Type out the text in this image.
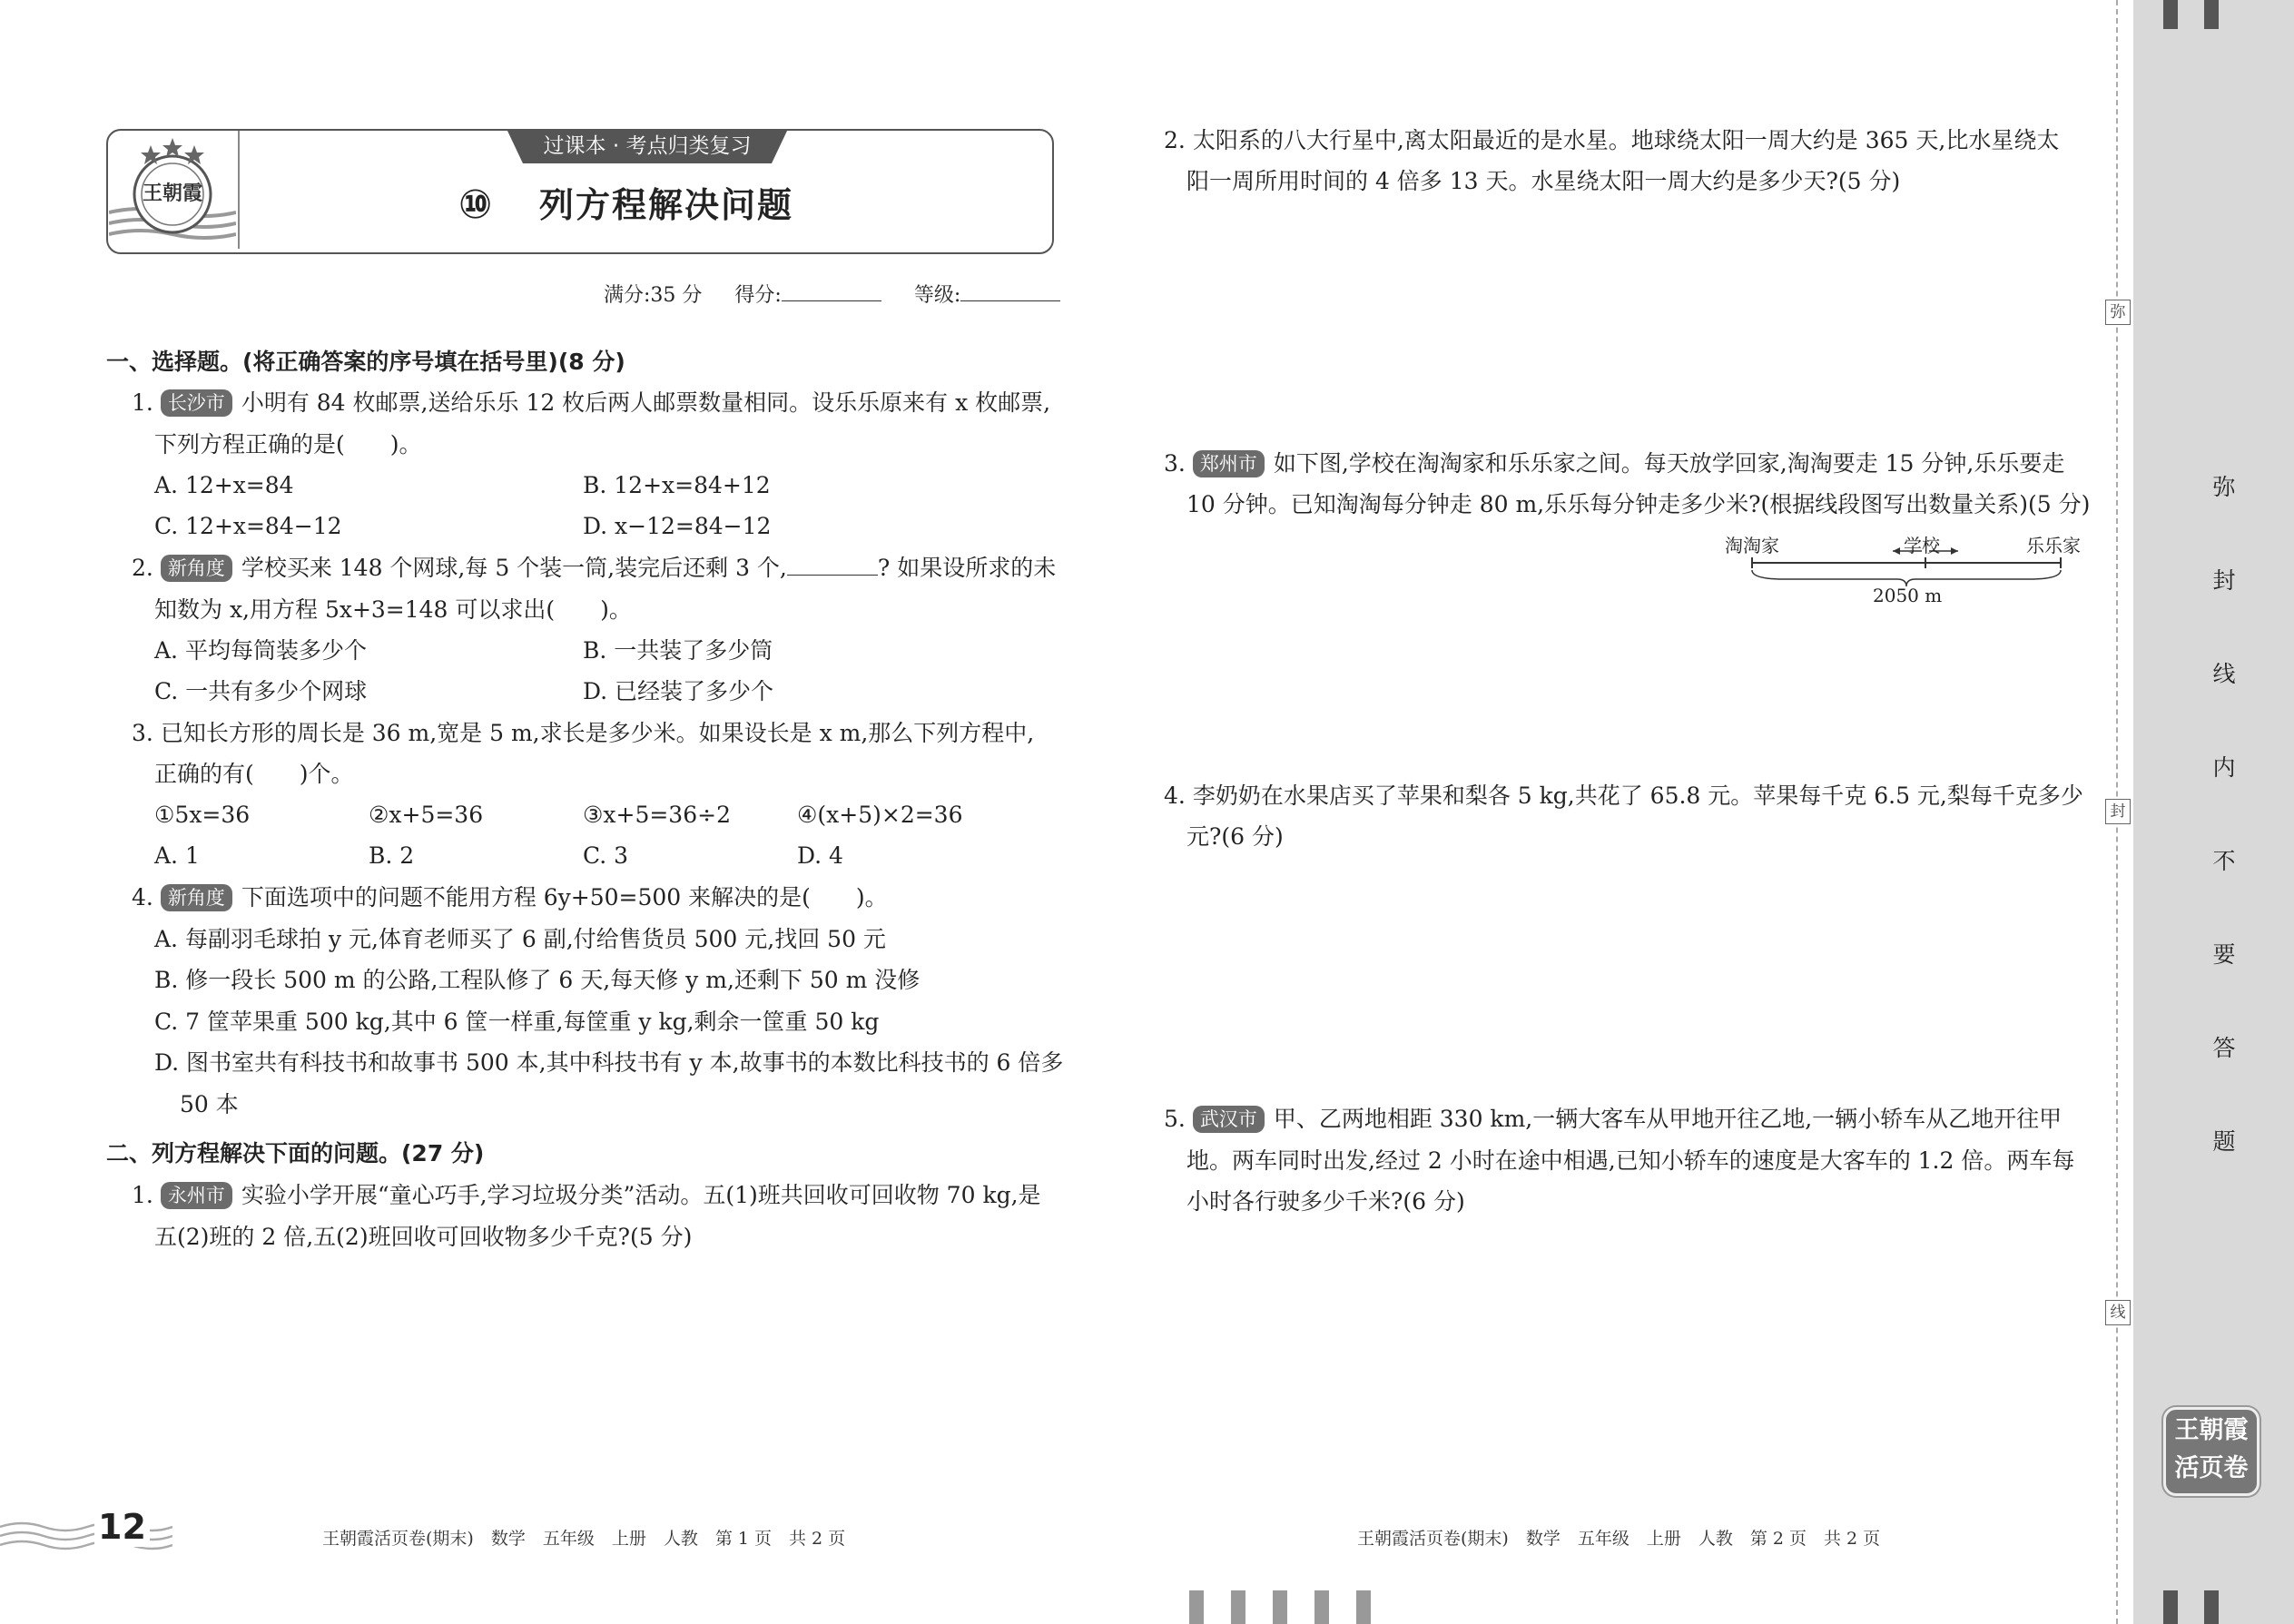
王朝霞
过课本 · 考点归类复习
⑩ 列方程解决问题
满分:35 分 得分:	等级:
一、选择题。(将正确答案的序号填在括号里)(8 分)
1. 长沙市 小明有 84 枚邮票,送给乐乐 12 枚后两人邮票数量相同。设乐乐原来有 x 枚邮票,
下列方程正确的是(　　)。
A. 12+x=84	B. 12+x=84+12
C. 12+x=84−12	D. x−12=84−12
2. 新角度 学校买来 148 个网球,每 5 个装一筒,装完后还剩 3 个,	? 如果设所求的未
知数为 x,用方程 5x+3=148 可以求出(　　)。
A. 平均每筒装多少个	B. 一共装了多少筒
C. 一共有多少个网球	D. 已经装了多少个
3. 已知长方形的周长是 36 m,宽是 5 m,求长是多少米。如果设长是 x m,那么下列方程中,
正确的有(　　)个。
①5x=36	②x+5=36	③x+5=36÷2	④(x+5)×2=36
A. 1	B. 2	C. 3	D. 4
4. 新角度 下面选项中的问题不能用方程 6y+50=500 来解决的是(　　)。
A. 每副羽毛球拍 y 元,体育老师买了 6 副,付给售货员 500 元,找回 50 元
B. 修一段长 500 m 的公路,工程队修了 6 天,每天修 y m,还剩下 50 m 没修
C. 7 筐苹果重 500 kg,其中 6 筐一样重,每筐重 y kg,剩余一筐重 50 kg
D. 图书室共有科技书和故事书 500 本,其中科技书有 y 本,故事书的本数比科技书的 6 倍多
50 本
二、列方程解决下面的问题。(27 分)
1. 永州市 实验小学开展“童心巧手,学习垃圾分类”活动。五(1)班共回收可回收物 70 kg,是
五(2)班的 2 倍,五(2)班回收可回收物多少千克?(5 分)
12	王朝霞活页卷(期末)　数学　五年级　上册　人教　第 1 页　共 2 页
2. 太阳系的八大行星中,离太阳最近的是水星。地球绕太阳一周大约是 365 天,比水星绕太
阳一周所用时间的 4 倍多 13 天。水星绕太阳一周大约是多少天?(5 分)
3. 郑州市 如下图,学校在淘淘家和乐乐家之间。每天放学回家,淘淘要走 15 分钟,乐乐要走
10 分钟。已知淘淘每分钟走 80 m,乐乐每分钟走多少米?(根据线段图写出数量关系)(5 分)
淘淘家	学校	乐乐家
2050 m
4. 李奶奶在水果店买了苹果和梨各 5 kg,共花了 65.8 元。苹果每千克 6.5 元,梨每千克多少
元?(6 分)
5. 武汉市 甲、乙两地相距 330 km,一辆大客车从甲地开往乙地,一辆小轿车从乙地开往甲
地。两车同时出发,经过 2 小时在途中相遇,已知小轿车的速度是大客车的 1.2 倍。两车每
小时各行驶多少千米?(6 分)
王朝霞活页卷(期末)　数学　五年级　上册　人教　第 2 页　共 2 页
弥
封
线
弥
封
线
内
不
要
答
题
王朝霞
活页卷
